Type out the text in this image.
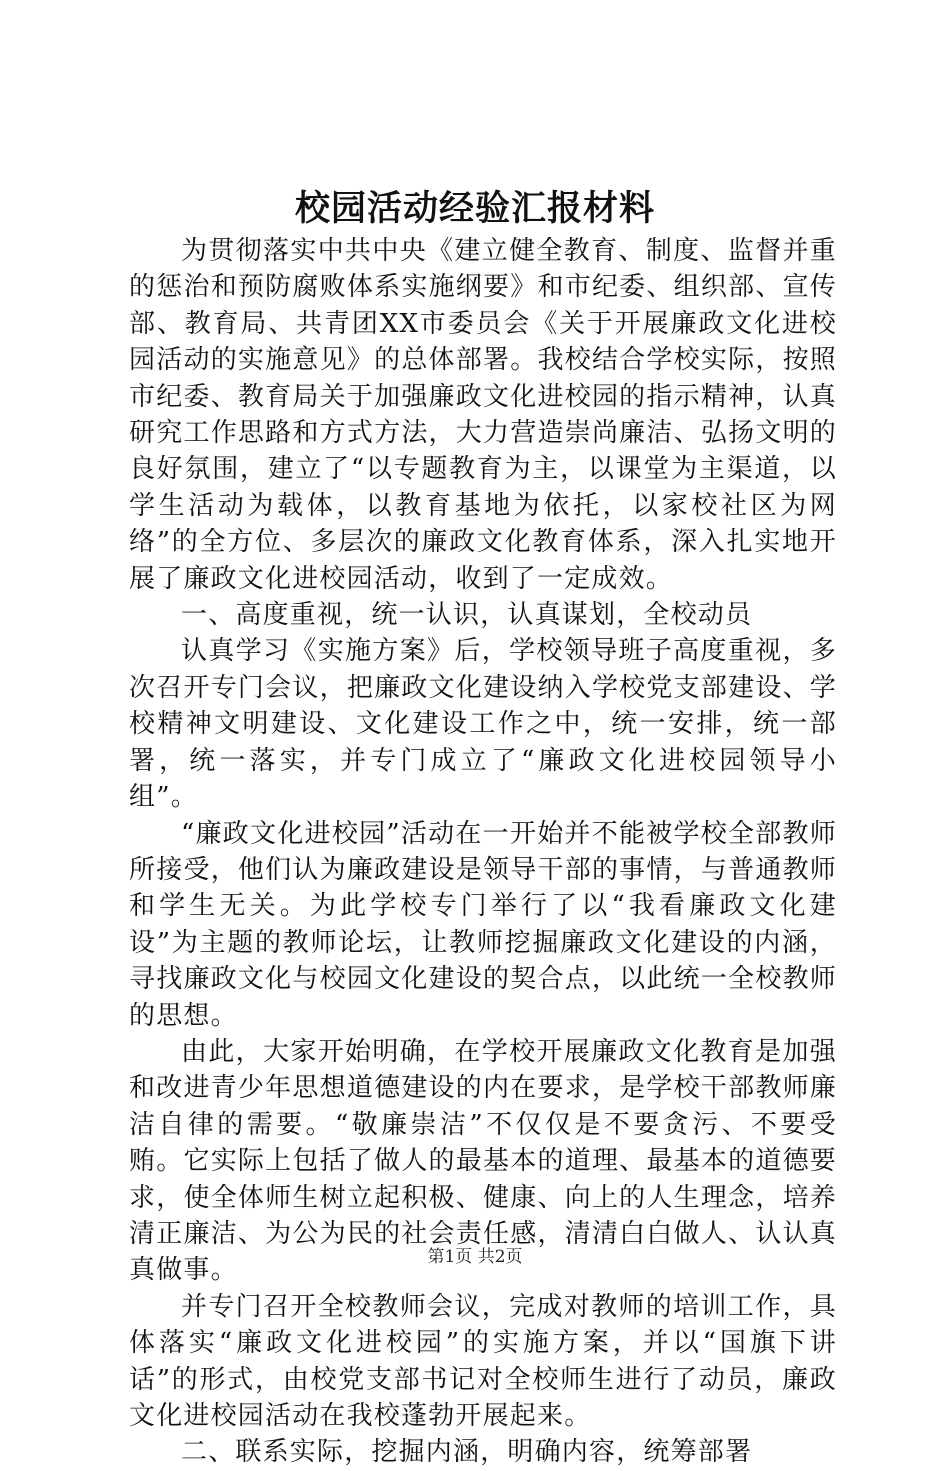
校园活动经验汇报材料

为贯彻落实中共中央《建立健全教育、制度、监督并重的惩治和预防腐败体系实施纲要》和市纪委、组织部、宣传部、教育局、共青团XX市委员会《关于开展廉政文化进校园活动的实施意见》的总体部署。我校结合学校实际，按照市纪委、教育局关于加强廉政文化进校园的指示精神，认真研究工作思路和方式方法，大力营造崇尚廉洁、弘扬文明的良好氛围，建立了“以专题教育为主，以课堂为主渠道，以学生活动为载体，以教育基地为依托，以家校社区为网络”的全方位、多层次的廉政文化教育体系，深入扎实地开展了廉政文化进校园活动，收到了一定成效。

一、高度重视，统一认识，认真谋划，全校动员

认真学习《实施方案》后，学校领导班子高度重视，多次召开专门会议，把廉政文化建设纳入学校党支部建设、学校精神文明建设、文化建设工作之中，统一安排，统一部署，统一落实，并专门成立了“廉政文化进校园领导小组”。

“廉政文化进校园”活动在一开始并不能被学校全部教师所接受，他们认为廉政建设是领导干部的事情，与普通教师和学生无关。为此学校专门举行了以“我看廉政文化建设”为主题的教师论坛，让教师挖掘廉政文化建设的内涵，寻找廉政文化与校园文化建设的契合点，以此统一全校教师的思想。

由此，大家开始明确，在学校开展廉政文化教育是加强和改进青少年思想道德建设的内在要求，是学校干部教师廉洁自律的需要。“敬廉崇洁”不仅仅是不要贪污、不要受贿。它实际上包括了做人的最基本的道理、最基本的道德要求，使全体师生树立起积极、健康、向上的人生理念，培养清正廉洁、为公为民的社会责任感，清清白白做人、认认真真做事。

并专门召开全校教师会议，完成对教师的培训工作，具体落实“廉政文化进校园”的实施方案，并以“国旗下讲话”的形式，由校党支部书记对全校师生进行了动员，廉政文化进校园活动在我校蓬勃开展起来。

二、联系实际，挖掘内涵，明确内容，统筹部署

第1页 共2页
